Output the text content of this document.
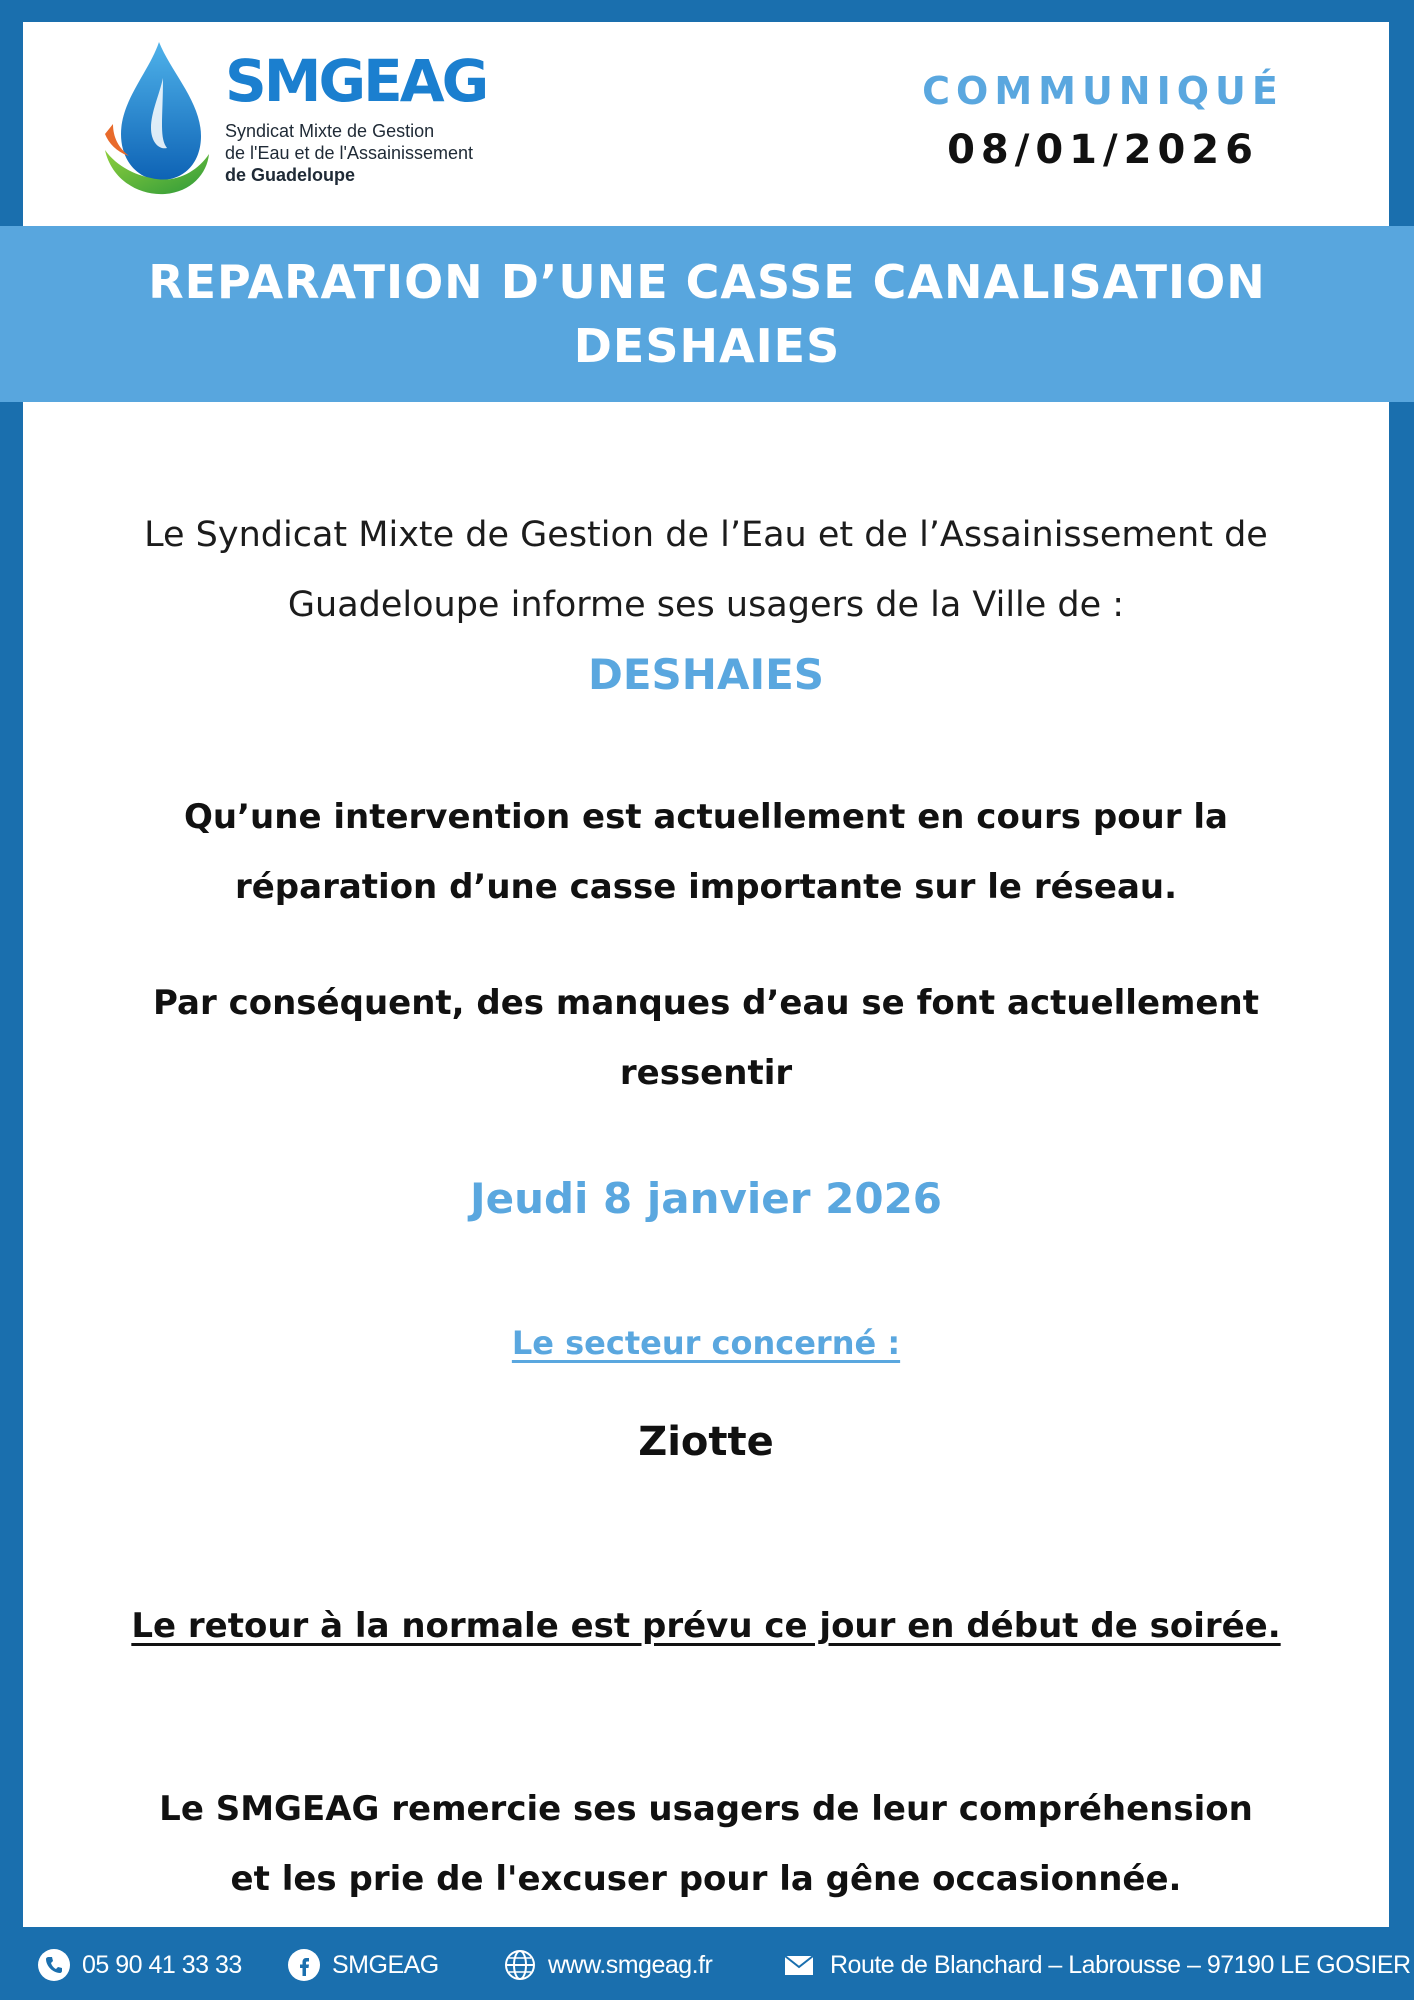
SMGEAG
Syndicat Mixte de Gestion
de l'Eau et de l'Assainissement
de Guadeloupe
COMMUNIQUÉ
08/01/2026
REPARATION D’UNE CASSE CANALISATION
DESHAIES
Le Syndicat Mixte de Gestion de l’Eau et de l’Assainissement de
Guadeloupe informe ses usagers de la Ville de :
DESHAIES
Qu’une intervention est actuellement en cours pour la
réparation d’une casse importante sur le réseau.
Par conséquent, des manques d’eau se font actuellement
ressentir
Jeudi 8 janvier 2026
Le secteur concerné :
Ziotte
Le retour à la normale est prévu ce jour en début de soirée.
Le SMGEAG remercie ses usagers de leur compréhension
et les prie de l'excuser pour la gêne occasionnée.
05 90 41 33 33	SMGEAG	www.smgeag.fr	Route de Blanchard – Labrousse – 97190 LE GOSIER
